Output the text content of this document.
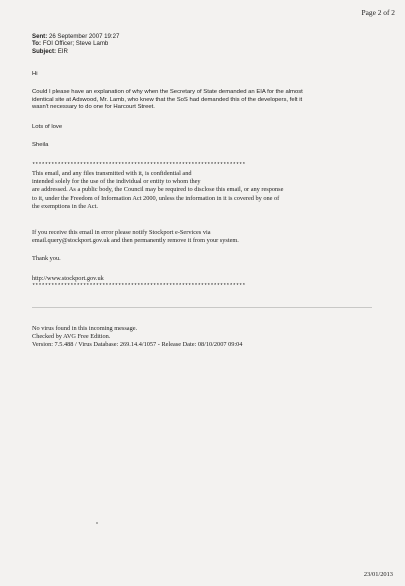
Page 2 of 2

Sent: 26 September 2007 19:27
To: FOI Officer; Steve Lamb
Subject: EIR

Hi

Could I please have an explanation of why when the Secretary of State demanded an EIA for the almost
identical site at Adswood, Mr. Lamb, who knew that the SoS had demanded this of the developers, felt it
wasn't necessary to do one for Harcourt Street.

Lots of love

Sheila

*******************************************************************

This email, and any files transmitted with it, is confidential and
intended solely for the use of the individual or entity to whom they
are addressed. As a public body, the Council may be required to disclose this email, or any response
to it, under the Freedom of Information Act 2000, unless the information in it is covered by one of
the exemptions in the Act.
If you receive this email in error please notify Stockport e-Services via
email.query@stockport.gov.uk and then permanently remove it from your system.

Thank you.

http://www.stockport.gov.uk

*******************************************************************

No virus found in this incoming message.
Checked by AVG Free Edition.
Version: 7.5.488 / Virus Database: 269.14.4/1057 - Release Date: 08/10/2007 09:04

23/01/2013
